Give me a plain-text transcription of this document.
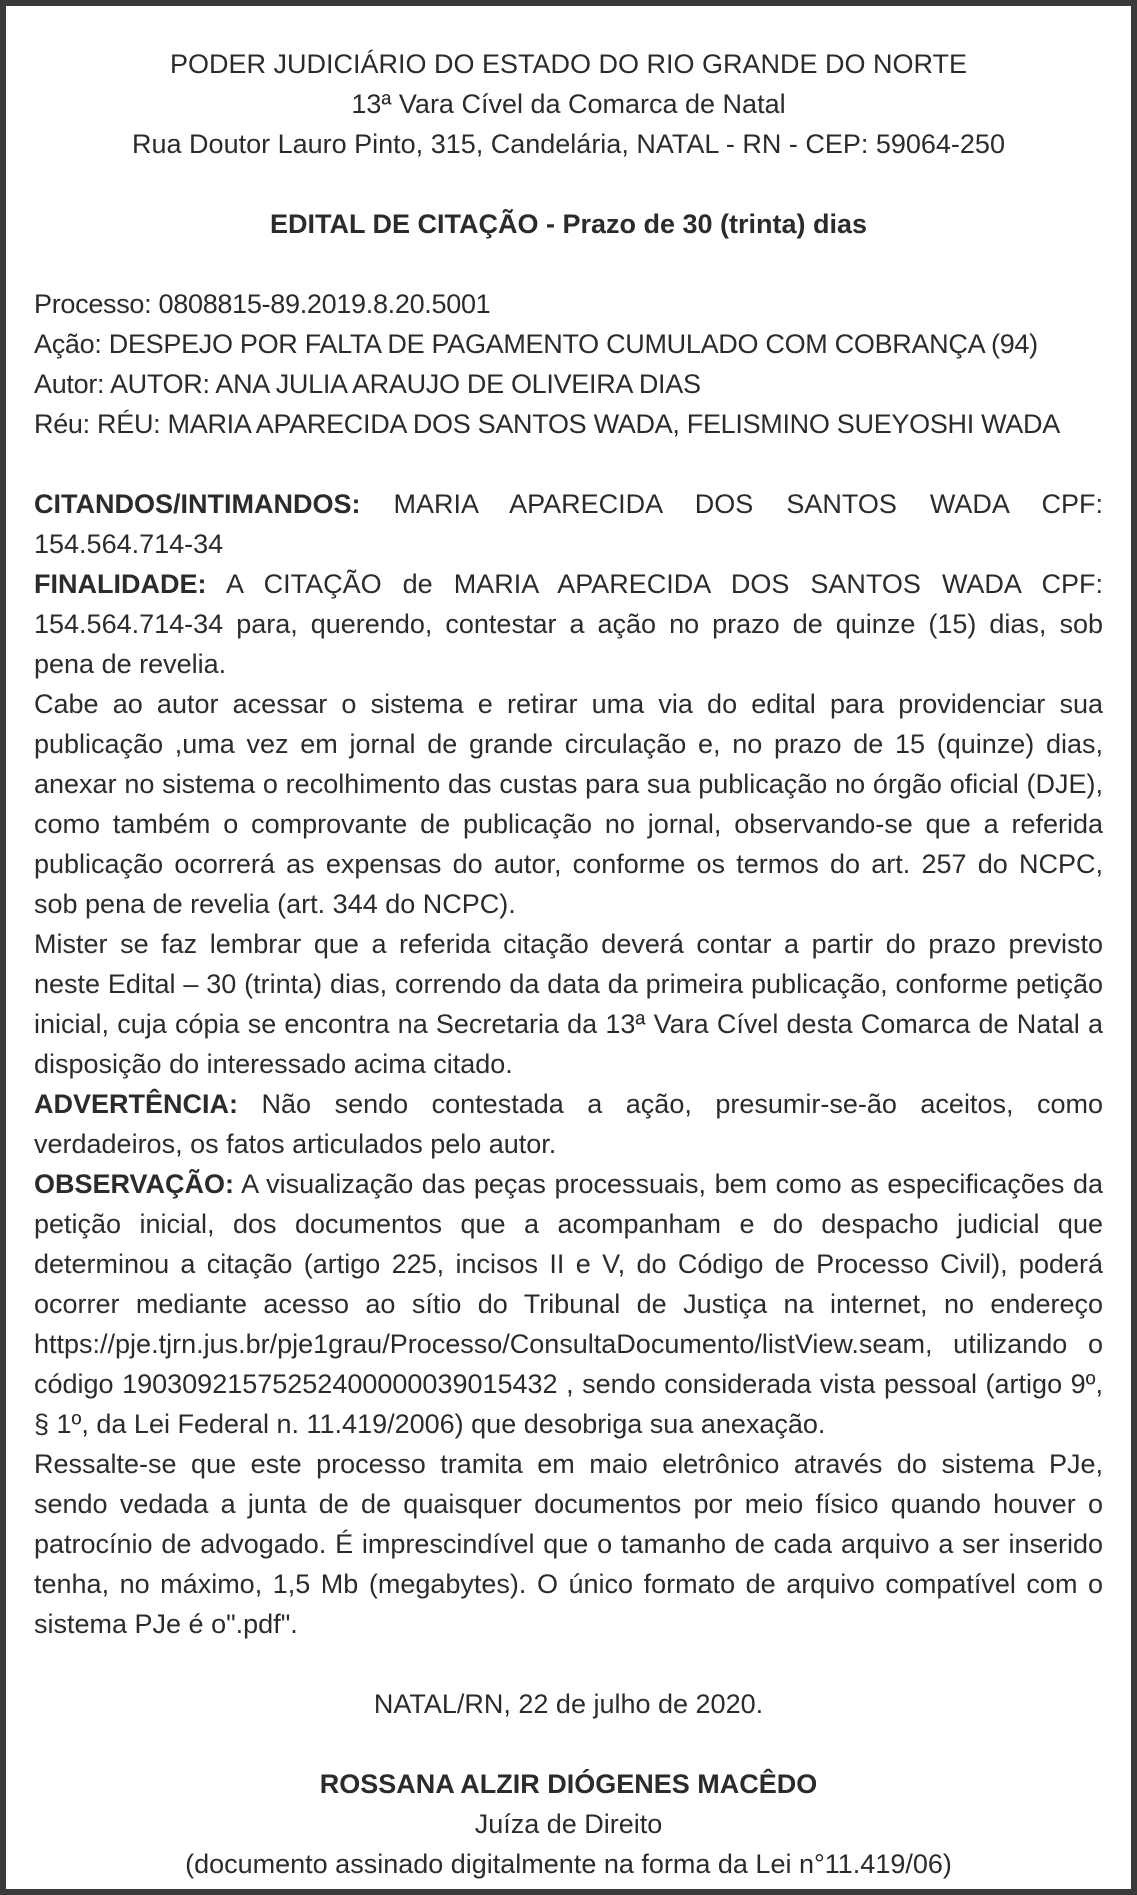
PODER JUDICIÁRIO DO ESTADO DO RIO GRANDE DO NORTE
13ª Vara Cível da Comarca de Natal
Rua Doutor Lauro Pinto, 315, Candelária, NATAL - RN - CEP: 59064-250
EDITAL DE CITAÇÃO - Prazo de 30 (trinta) dias
Processo: 0808815-89.2019.8.20.5001
Ação: DESPEJO POR FALTA DE PAGAMENTO CUMULADO COM COBRANÇA (94)
Autor: AUTOR: ANA JULIA ARAUJO DE OLIVEIRA DIAS
Réu: RÉU: MARIA APARECIDA DOS SANTOS WADA, FELISMINO SUEYOSHI WADA

CITANDOS/INTIMANDOS: MARIA APARECIDA DOS SANTOS WADA CPF: 154.564.714-34

FINALIDADE: A CITAÇÃO de MARIA APARECIDA DOS SANTOS WADA CPF: 154.564.714-34 para, querendo, contestar a ação no prazo de quinze (15) dias, sob pena de revelia.

Cabe ao autor acessar o sistema e retirar uma via do edital para providenciar sua publicação ,uma vez em jornal de grande circulação e, no prazo de 15 (quinze) dias, anexar no sistema o recolhimento das custas para sua publicação no órgão oficial (DJE), como também o comprovante de publicação no jornal, observando-se que a referida publicação ocorrerá as expensas do autor, conforme os termos do art. 257 do NCPC, sob pena de revelia (art. 344 do NCPC).

Mister se faz lembrar que a referida citação deverá contar a partir do prazo previsto neste Edital – 30 (trinta) dias, correndo da data da primeira publicação, conforme petição inicial, cuja cópia se encontra na Secretaria da 13ª Vara Cível desta Comarca de Natal a disposição do interessado acima citado.

ADVERTÊNCIA: Não sendo contestada a ação, presumir-se-ão aceitos, como verdadeiros, os fatos articulados pelo autor.

OBSERVAÇÃO: A visualização das peças processuais, bem como as especificações da petição inicial, dos documentos que a acompanham e do despacho judicial que determinou a citação (artigo 225, incisos II e V, do Código de Processo Civil), poderá ocorrer mediante acesso ao sítio do Tribunal de Justiça na internet, no endereço https://pje.tjrn.jus.br/pje1grau/Processo/ConsultaDocumento/listView.seam, utilizando o código 19030921575252400000039015432 , sendo considerada vista pessoal (artigo 9º, § 1º, da Lei Federal n. 11.419/2006) que desobriga sua anexação.

Ressalte-se que este processo tramita em maio eletrônico através do sistema PJe, sendo vedada a junta de de quaisquer documentos por meio físico quando houver o patrocínio de advogado. É imprescindível que o tamanho de cada arquivo a ser inserido tenha, no máximo, 1,5 Mb (megabytes). O único formato de arquivo compatível com o sistema PJe é o".pdf".

NATAL/RN, 22 de julho de 2020.
ROSSANA ALZIR DIÓGENES MACÊDO
Juíza de Direito
(documento assinado digitalmente na forma da Lei n°11.419/06)
